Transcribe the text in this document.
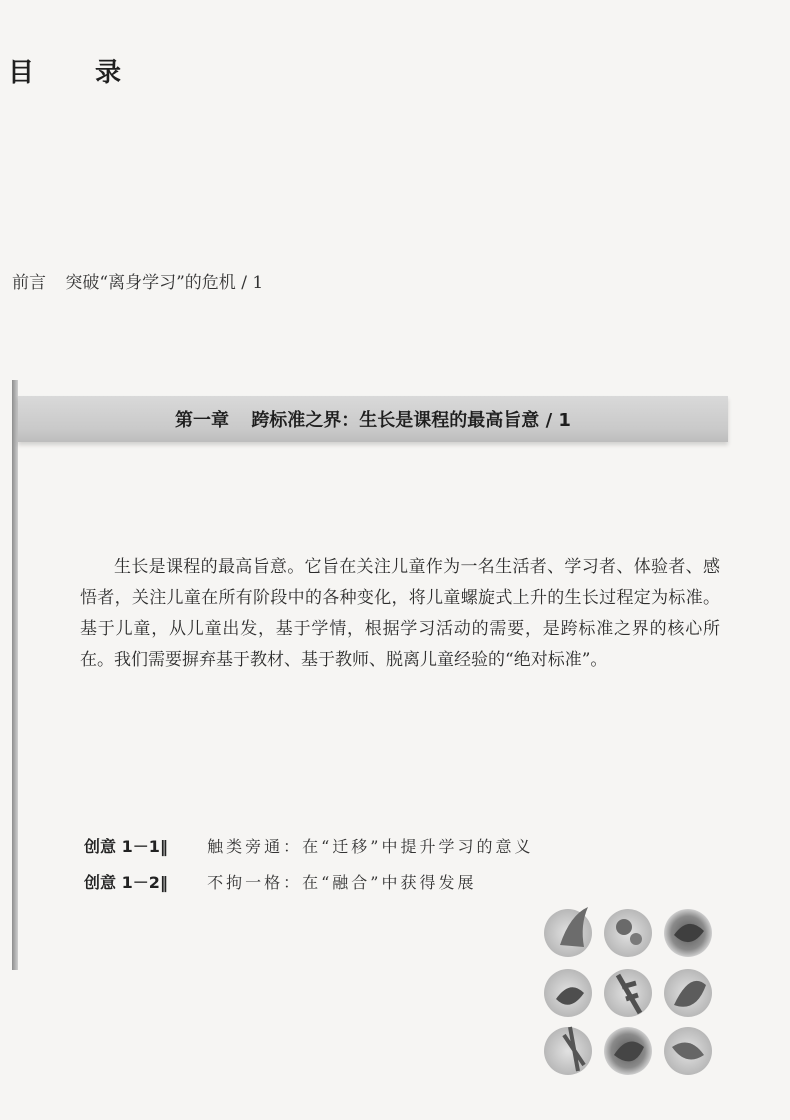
目 录
前言 突破“离身学习”的危机 / 1
第一章 跨标准之界：生长是课程的最高旨意 / 1

生长是课程的最高旨意。它旨在关注儿童作为一名生活者、学习者、体验者、感悟者，关注儿童在所有阶段中的各种变化，将儿童螺旋式上升的生长过程定为标准。基于儿童，从儿童出发，基于学情，根据学习活动的需要，是跨标准之界的核心所在。我们需要摒弃基于教材、基于教师、脱离儿童经验的“绝对标准”。

创意 1－1‖ 触类旁通：在“迁移”中提升学习的意义
创意 1－2‖ 不拘一格：在“融合”中获得发展
